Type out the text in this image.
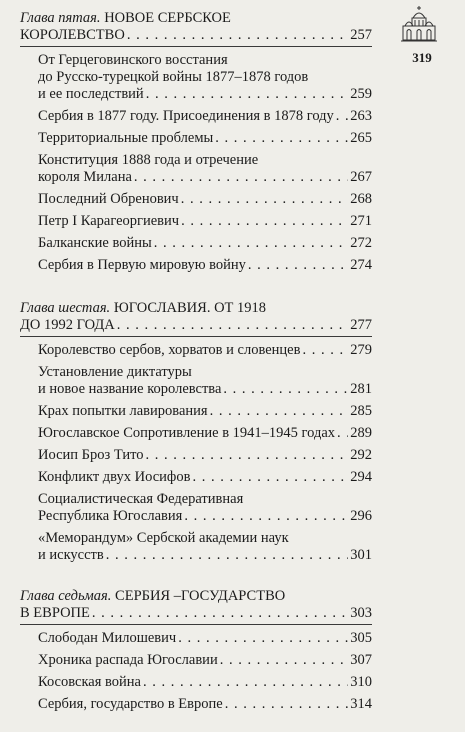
319
Глава пятая. НОВОЕ СЕРБСКОЕ
КОРОЛЕВСТВО . . .	257
От Герцеговинского восстания
до Русско-турецкой войны 1877–1878 годов
и ее последствий . . .	259
Сербия в 1877 году. Присоединения в 1878 году . . . 263
Территориальные проблемы . . .	265
Конституция 1888 года и отречение
короля Милана . . .	267
Последний Обренович . . .	268
Петр I Карагеоргиевич . . .	271
Балканские войны . . .	272
Сербия в Первую мировую войну . . .	274
Глава шестая. ЮГОСЛАВИЯ. ОТ 1918
ДО 1992 ГОДА . . .	277
Королевство сербов, хорватов и словенцев . . .	279
Установление диктатуры
и новое название королевства . . .	281
Крах попытки лавирования . . .	285
Югославское Сопротивление в 1941–1945 годах . . . 289
Иосип Броз Тито . . .	292
Конфликт двух Иосифов . . .	294
Социалистическая Федеративная
Республика Югославия . . .	296
«Меморандум» Сербской академии наук
и искусств . . .	301
Глава седьмая. СЕРБИЯ –ГОСУДАРСТВО
В ЕВРОПЕ . . .	303
Слободан Милошевич . . .	305
Хроника распада Югославии . . .	307
Косовская война . . .	310
Сербия, государство в Европе . . .	314
